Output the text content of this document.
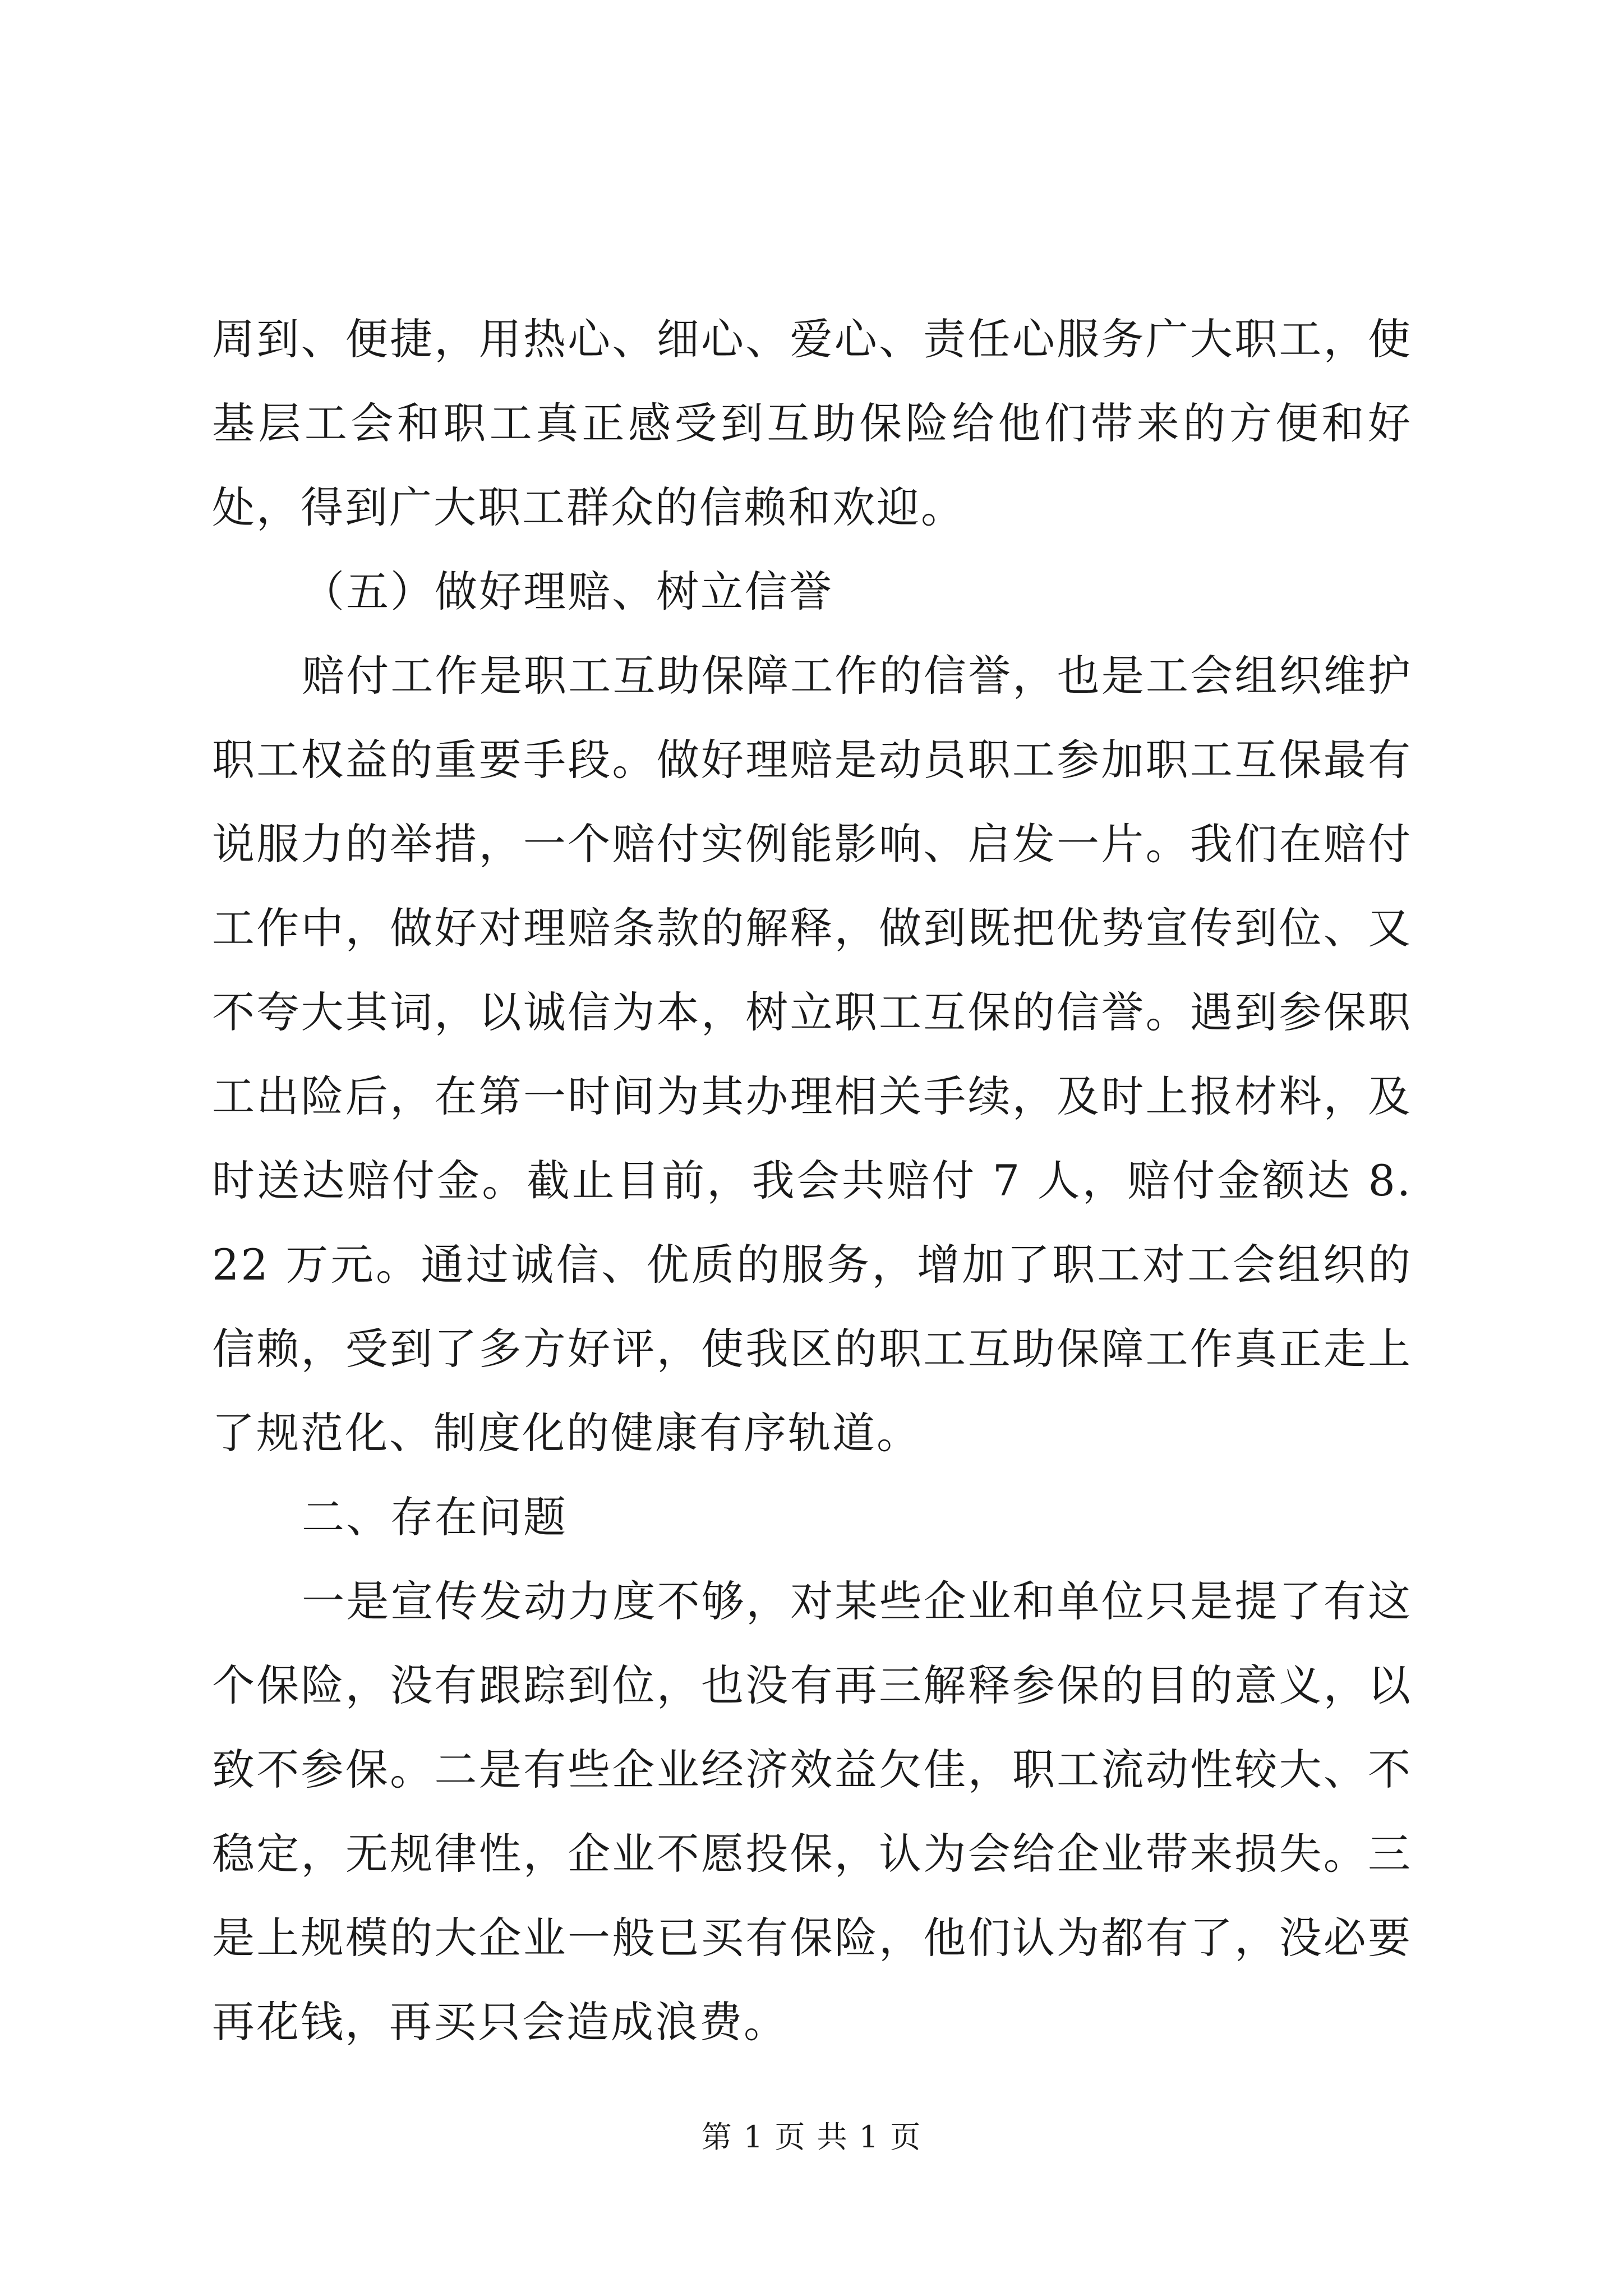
周到、便捷，用热心、细心、爱心、责任心服务广大职工，使基层工会和职工真正感受到互助保险给他们带来的方便和好处，得到广大职工群众的信赖和欢迎。

（五）做好理赔、树立信誉

赔付工作是职工互助保障工作的信誉，也是工会组织维护职工权益的重要手段。做好理赔是动员职工参加职工互保最有说服力的举措，一个赔付实例能影响、启发一片。我们在赔付工作中，做好对理赔条款的解释，做到既把优势宣传到位、又不夸大其词，以诚信为本，树立职工互保的信誉。遇到参保职工出险后，在第一时间为其办理相关手续，及时上报材料，及时送达赔付金。截止目前，我会共赔付 7 人，赔付金额达 8.22 万元。通过诚信、优质的服务，增加了职工对工会组织的信赖，受到了多方好评，使我区的职工互助保障工作真正走上了规范化、制度化的健康有序轨道。

二、存在问题

一是宣传发动力度不够，对某些企业和单位只是提了有这个保险，没有跟踪到位，也没有再三解释参保的目的意义，以致不参保。二是有些企业经济效益欠佳，职工流动性较大、不稳定，无规律性，企业不愿投保，认为会给企业带来损失。三是上规模的大企业一般已买有保险，他们认为都有了，没必要再花钱，再买只会造成浪费。

第 1 页 共 1 页
